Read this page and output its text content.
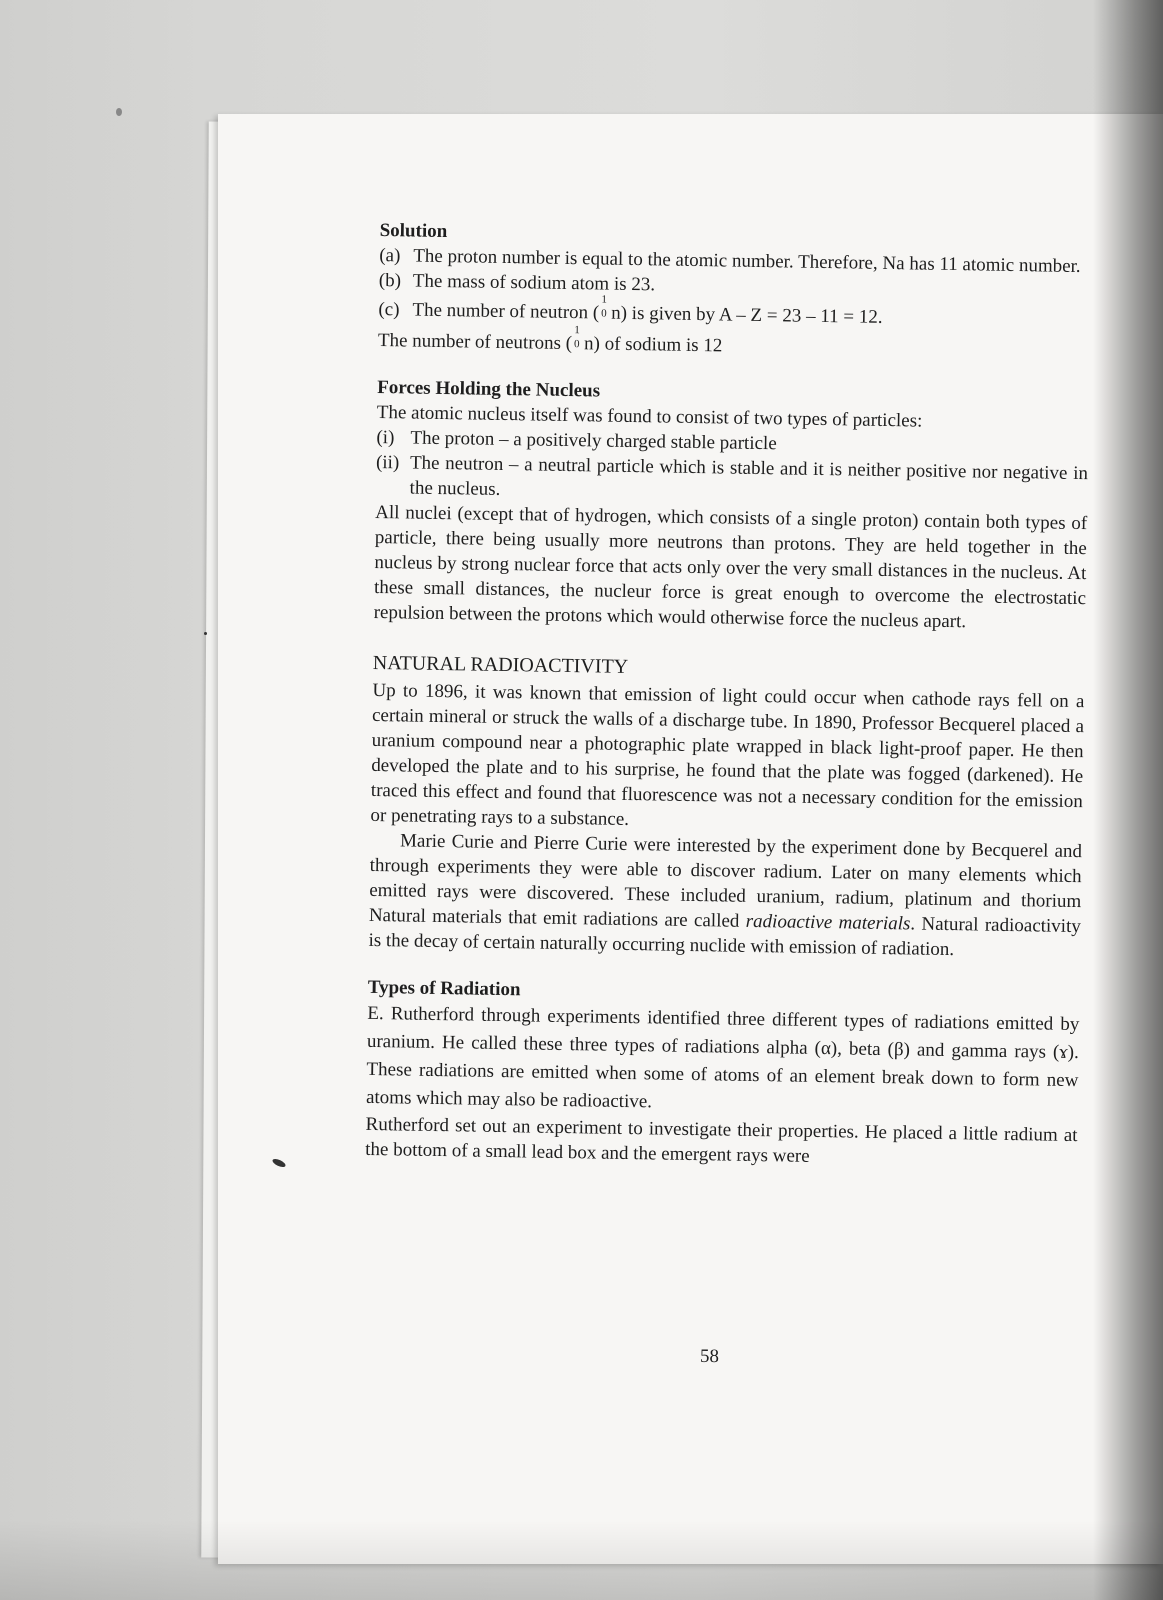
Solution
(a) The proton number is equal to the atomic number. Therefore, Na has 11 atomic number.
(b) The mass of sodium atom is 23.
(c) The number of neutron ( 1
0 n) is given by A – Z = 23 – 11 = 12.

The number of neutrons ( 1
0 n) of sodium is 12

Forces Holding the Nucleus

The atomic nucleus itself was found to consist of two types of particles:

(i) The proton – a positively charged stable particle
(ii) The neutron – a neutral particle which is stable and it is neither positive nor negative in the nucleus.

All nuclei (except that of hydrogen, which consists of a single proton) contain both types of particle, there being usually more neutrons than protons. They are held together in the nucleus by strong nuclear force that acts only over the very small distances in the nucleus. At these small distances, the nucleur force is great enough to overcome the electrostatic repulsion between the protons which would otherwise force the nucleus apart.

NATURAL RADIOACTIVITY

Up to 1896, it was known that emission of light could occur when cathode rays fell on a certain mineral or struck the walls of a discharge tube. In 1890, Professor Becquerel placed a uranium compound near a photographic plate wrapped in black light-proof paper. He then developed the plate and to his surprise, he found that the plate was fogged (darkened). He traced this effect and found that fluorescence was not a necessary condition for the emission or penetrating rays to a substance.

Marie Curie and Pierre Curie were interested by the experiment done by Becquerel and through experiments they were able to discover radium. Later on many elements which emitted rays were discovered. These included uranium, radium, platinum and thorium Natural materials that emit radiations are called radioactive materials. Natural radioactivity is the decay of certain naturally occurring nuclide with emission of radiation.

Types of Radiation

E. Rutherford through experiments identified three different types of radiations emitted by uranium. He called these three types of radiations alpha (α), beta (β) and gamma rays (ɤ). These radiations are emitted when some of atoms of an element break down to form new atoms which may also be radioactive.

Rutherford set out an experiment to investigate their properties. He placed a little radium at the bottom of a small lead box and the emergent rays were

58
